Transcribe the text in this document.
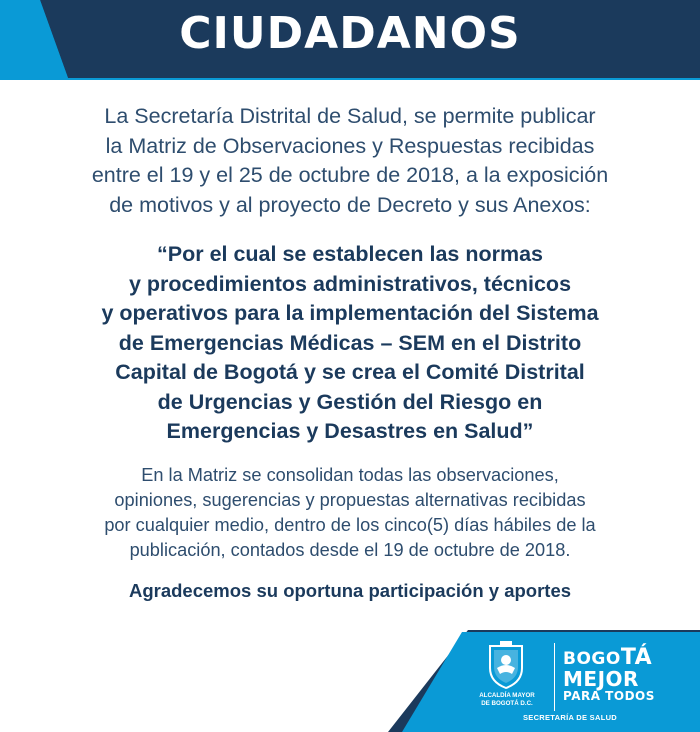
CIUDADANOS
La Secretaría Distrital de Salud, se permite publicar
la Matriz de Observaciones y Respuestas recibidas
entre el 19 y el 25 de octubre de 2018, a la exposición
de motivos y al proyecto de Decreto y sus Anexos:
“Por el cual se establecen las normas
y procedimientos administrativos, técnicos
y operativos para la implementación del Sistema
de Emergencias Médicas – SEM en el Distrito
Capital de Bogotá y se crea el Comité Distrital
de Urgencias y Gestión del Riesgo en
Emergencias y Desastres en Salud”
En la Matriz se consolidan todas las observaciones,
opiniones, sugerencias y propuestas alternativas recibidas
por cualquier medio, dentro de los cinco(5) días hábiles de la
publicación, contados desde el 19 de octubre de 2018.
Agradecemos su oportuna participación y aportes
ALCALDÍA MAYOR
DE BOGOTÁ D.C.
BOGOTÁ
MEJOR
PARA TODOS
SECRETARÍA DE SALUD
